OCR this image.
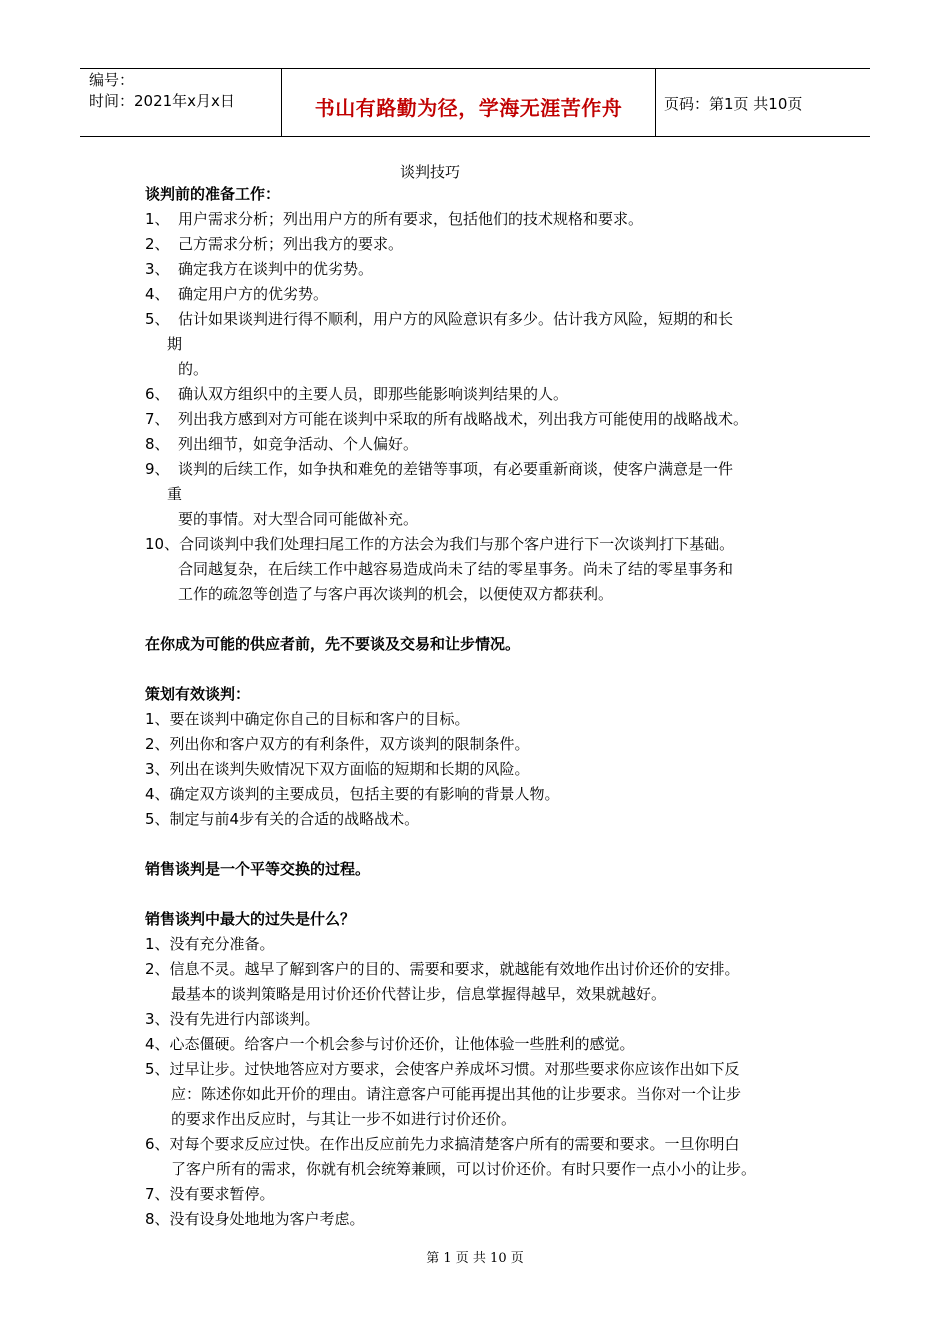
编号：
时间：2021年x月x日	书山有路勤为径，学海无涯苦作舟	页码：第1页 共10页
谈判技巧

谈判前的准备工作：

1、 用户需求分析；列出用户方的所有要求，包括他们的技术规格和要求。

2、 己方需求分析；列出我方的要求。

3、 确定我方在谈判中的优劣势。

4、 确定用户方的优劣势。

5、 估计如果谈判进行得不顺利，用户方的风险意识有多少。估计我方风险，短期的和长

期

的。

6、 确认双方组织中的主要人员，即那些能影响谈判结果的人。

7、 列出我方感到对方可能在谈判中采取的所有战略战术，列出我方可能使用的战略战术。

8、 列出细节，如竞争活动、个人偏好。

9、 谈判的后续工作，如争执和难免的差错等事项，有必要重新商谈，使客户满意是一件

重

要的事情。对大型合同可能做补充。

10、合同谈判中我们处理扫尾工作的方法会为我们与那个客户进行下一次谈判打下基础。

合同越复杂，在后续工作中越容易造成尚未了结的零星事务。尚未了结的零星事务和

工作的疏忽等创造了与客户再次谈判的机会，以便使双方都获利。

在你成为可能的供应者前，先不要谈及交易和让步情况。

策划有效谈判：

1、要在谈判中确定你自己的目标和客户的目标。

2、列出你和客户双方的有利条件，双方谈判的限制条件。

3、列出在谈判失败情况下双方面临的短期和长期的风险。

4、确定双方谈判的主要成员，包括主要的有影响的背景人物。

5、制定与前4步有关的合适的战略战术。

销售谈判是一个平等交换的过程。

销售谈判中最大的过失是什么？

1、没有充分准备。

2、信息不灵。越早了解到客户的目的、需要和要求，就越能有效地作出讨价还价的安排。

最基本的谈判策略是用讨价还价代替让步，信息掌握得越早，效果就越好。

3、没有先进行内部谈判。

4、心态僵硬。给客户一个机会参与讨价还价，让他体验一些胜利的感觉。

5、过早让步。过快地答应对方要求，会使客户养成坏习惯。对那些要求你应该作出如下反

应：陈述你如此开价的理由。请注意客户可能再提出其他的让步要求。当你对一个让步

的要求作出反应时，与其让一步不如进行讨价还价。

6、对每个要求反应过快。在作出反应前先力求搞清楚客户所有的需要和要求。一旦你明白

了客户所有的需求，你就有机会统筹兼顾，可以讨价还价。有时只要作一点小小的让步。

7、没有要求暂停。

8、没有设身处地地为客户考虑。

第 1 页 共 10 页
